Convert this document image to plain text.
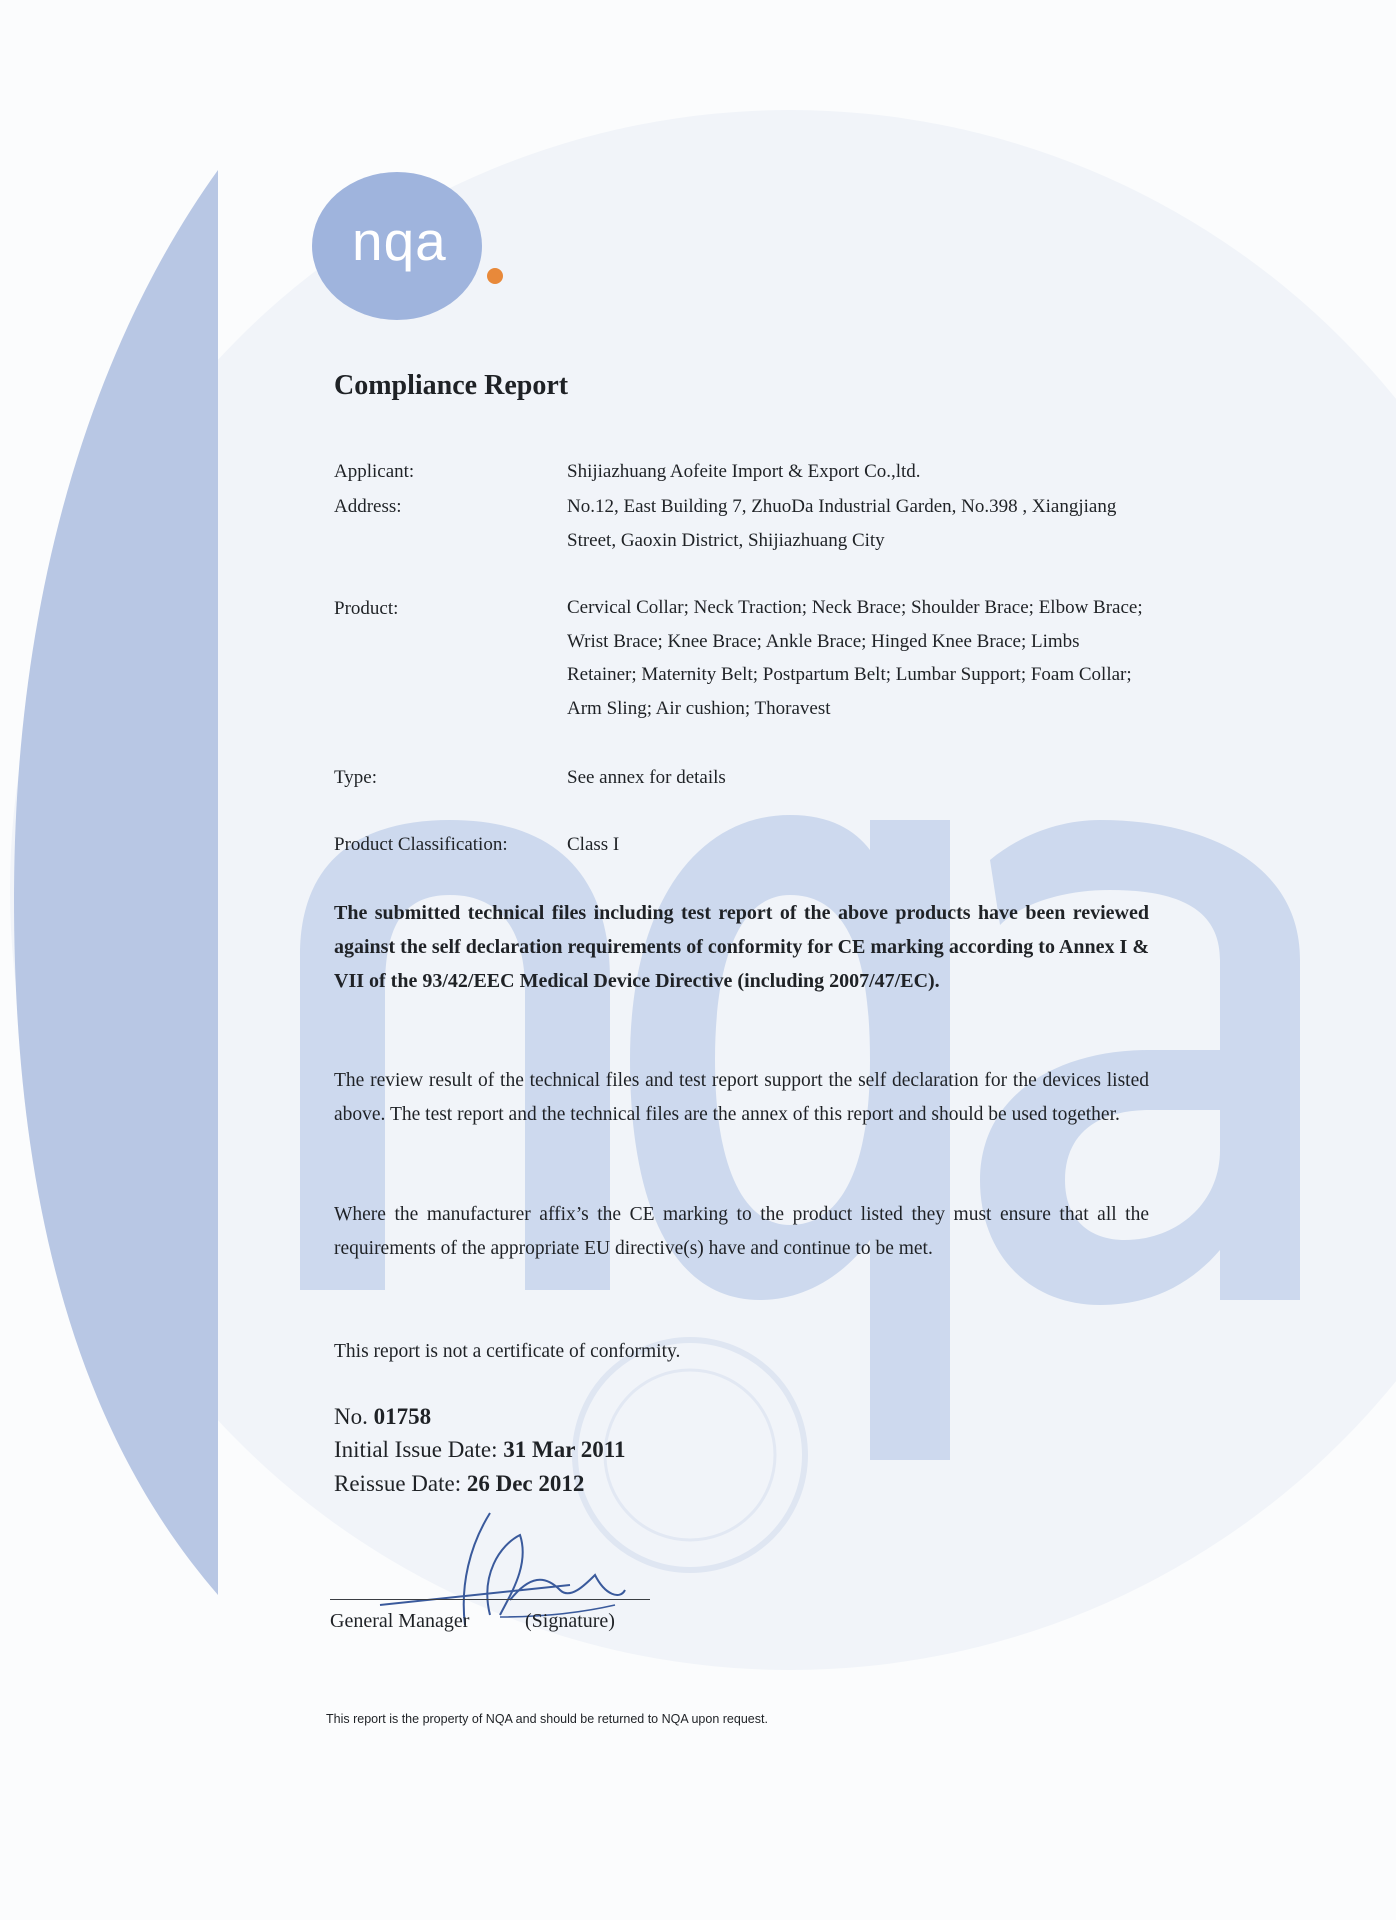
nqa
Compliance Report
Applicant:	Shijiazhuang Aofeite Import & Export Co.,ltd.
Address:	No.12, East Building 7, ZhuoDa Industrial Garden, No.398 , Xiangjiang Street, Gaoxin District, Shijiazhuang City
Product:	Cervical Collar; Neck Traction; Neck Brace; Shoulder Brace; Elbow Brace; Wrist Brace; Knee Brace; Ankle Brace; Hinged Knee Brace; Limbs Retainer; Maternity Belt; Postpartum Belt; Lumbar Support; Foam Collar; Arm Sling; Air cushion; Thoravest
Type:	See annex for details
Product Classification:	Class I
The submitted technical files including test report of the above products have been reviewed against the self declaration requirements of conformity for CE marking according to Annex I & VII of the 93/42/EEC Medical Device Directive (including 2007/47/EC).
The review result of the technical files and test report support the self declaration for the devices listed above. The test report and the technical files are the annex of this report and should be used together.
Where the manufacturer affix’s the CE marking to the product listed they must ensure that all the requirements of the appropriate EU directive(s) have and continue to be met.
This report is not a certificate of conformity.
No. 01758
Initial Issue Date: 31 Mar 2011
Reissue Date: 26 Dec 2012
General Manager	(Signature)
This report is the property of NQA and should be returned to NQA upon request.
